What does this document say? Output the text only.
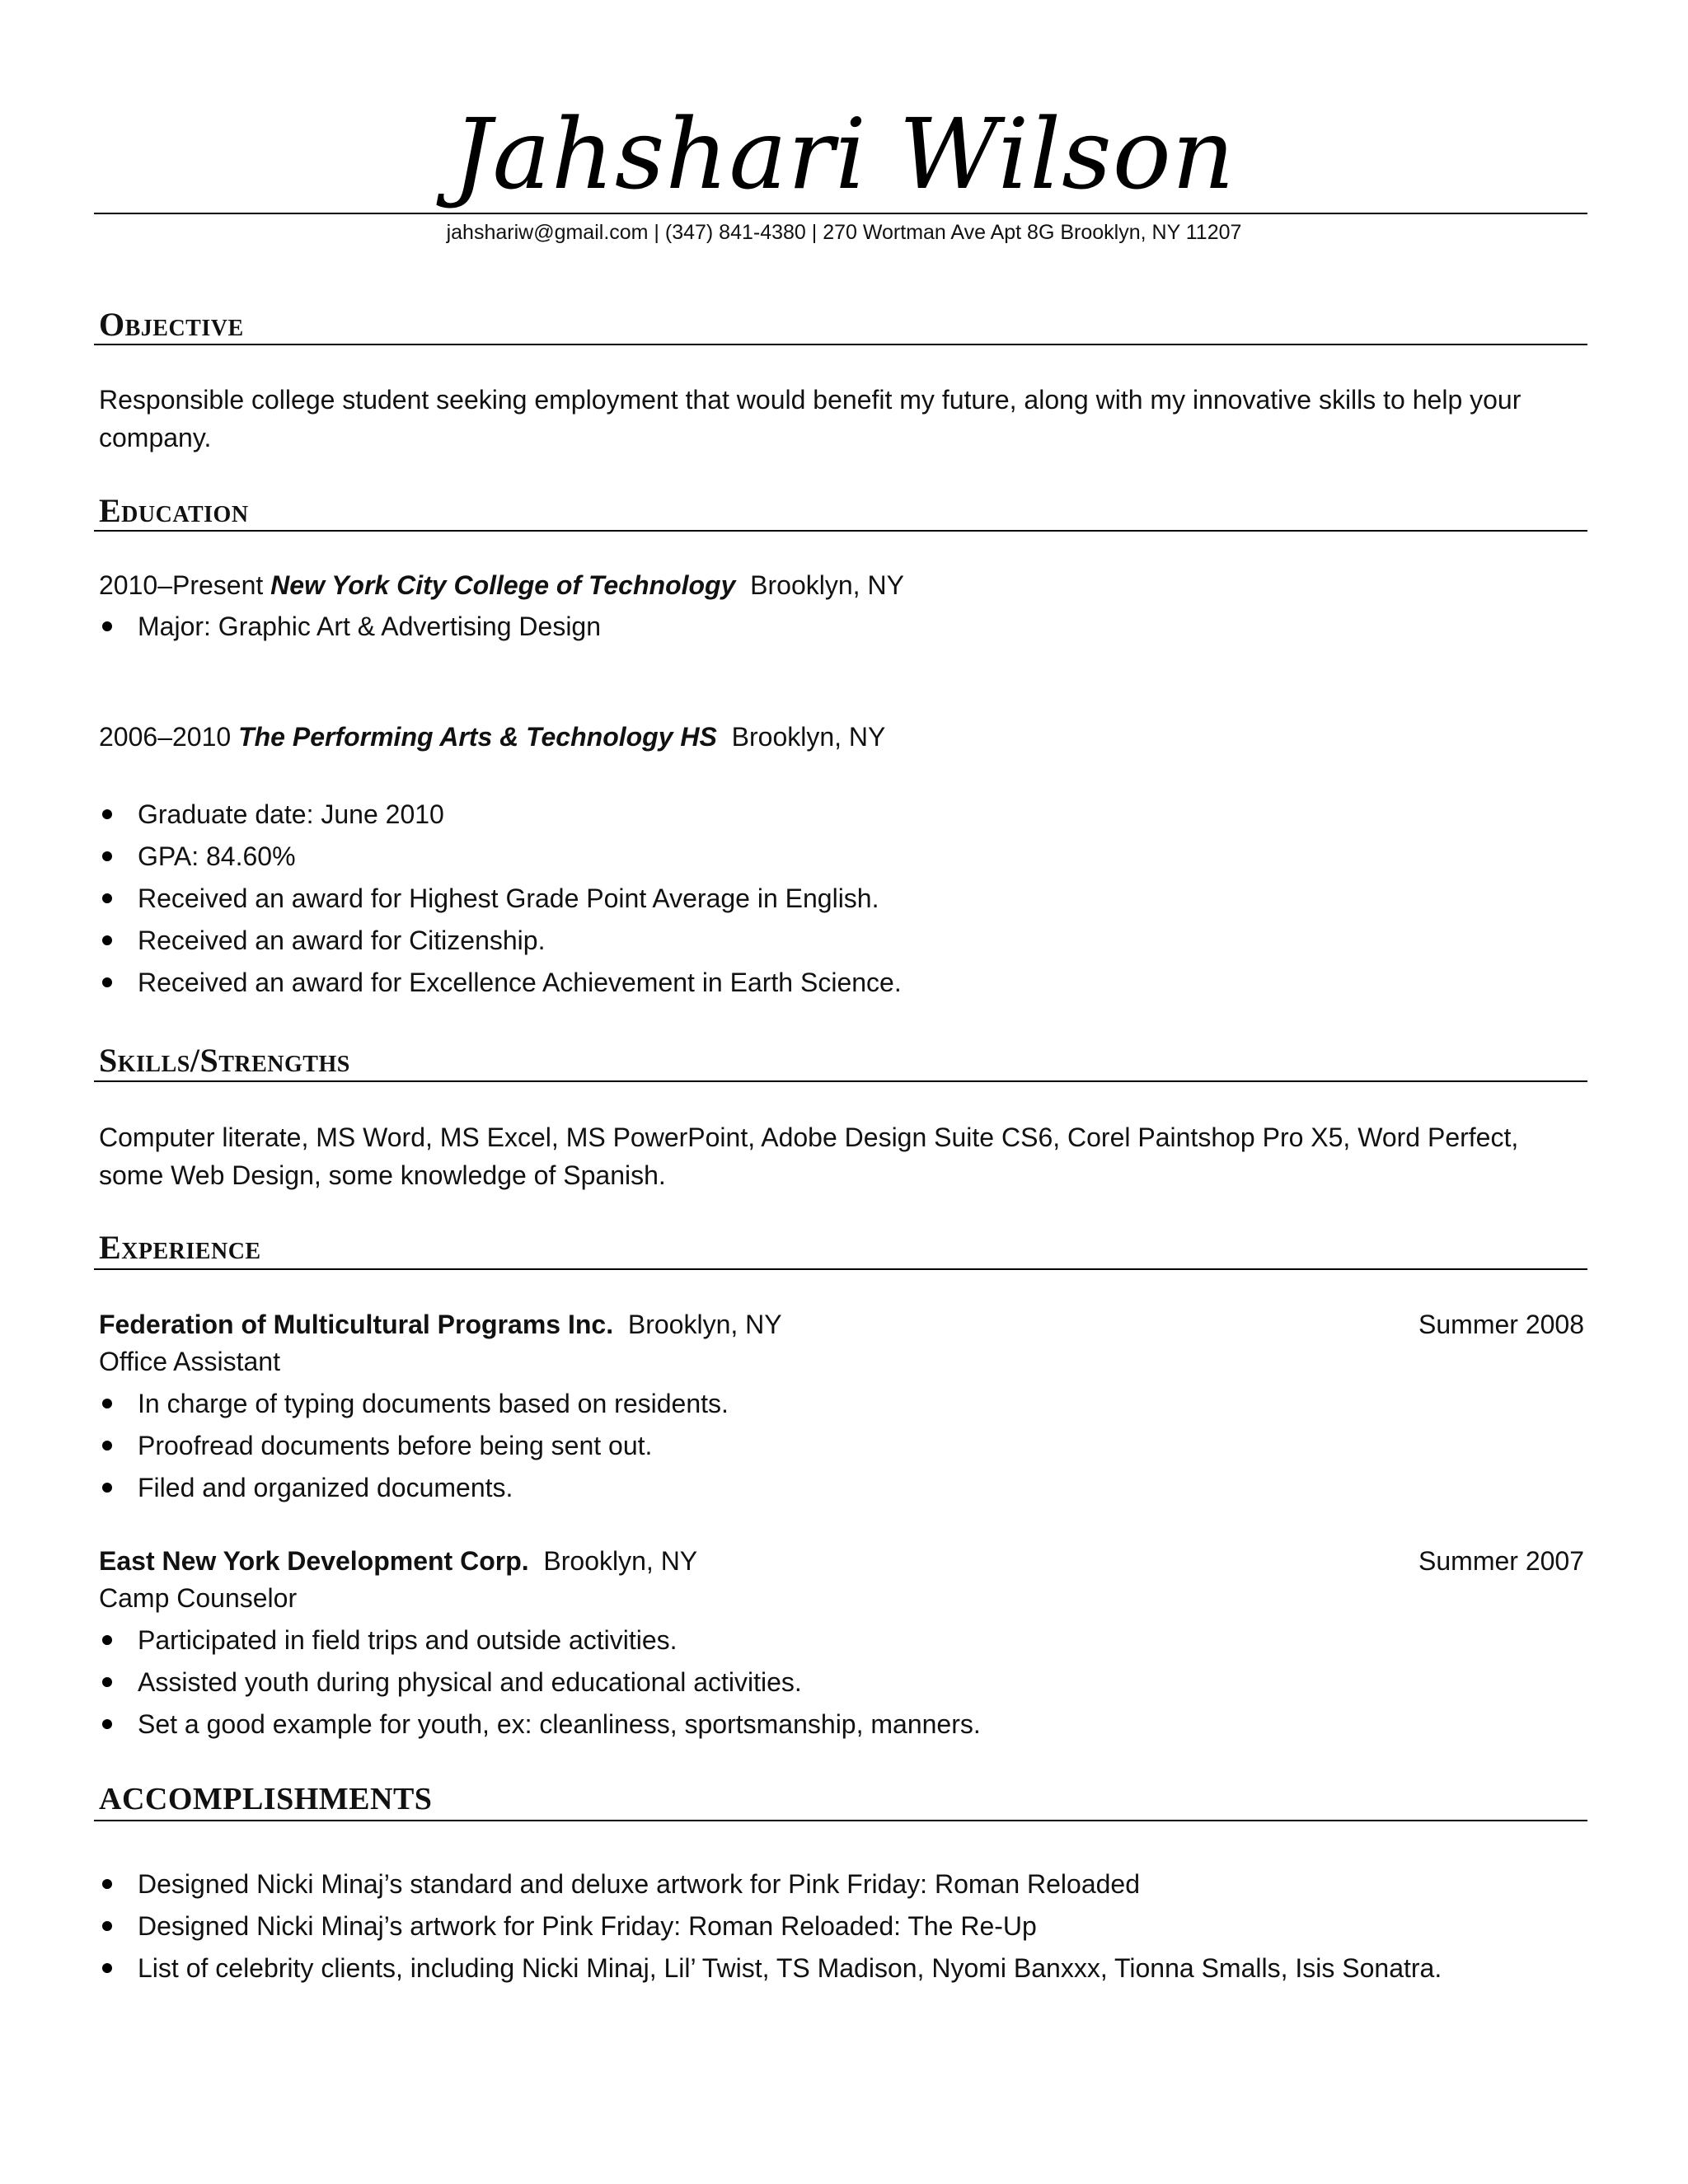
Jahshari Wilson
jahshariw@gmail.com | (347) 841-4380 | 270 Wortman Ave Apt 8G Brooklyn, NY 11207
Objective
Responsible college student seeking employment that would benefit my future, along with my innovative skills to help your company.
Education
2010–Present New York City College of Technology Brooklyn, NY
Major: Graphic Art & Advertising Design
2006–2010 The Performing Arts & Technology HS Brooklyn, NY
Graduate date: June 2010
GPA: 84.60%
Received an award for Highest Grade Point Average in English.
Received an award for Citizenship.
Received an award for Excellence Achievement in Earth Science.
Skills/Strengths
Computer literate, MS Word, MS Excel, MS PowerPoint, Adobe Design Suite CS6, Corel Paintshop Pro X5, Word Perfect, some Web Design, some knowledge of Spanish.
Experience
Federation of Multicultural Programs Inc. Brooklyn, NY	Summer 2008
Office Assistant
In charge of typing documents based on residents.
Proofread documents before being sent out.
Filed and organized documents.
East New York Development Corp. Brooklyn, NY	Summer 2007
Camp Counselor
Participated in field trips and outside activities.
Assisted youth during physical and educational activities.
Set a good example for youth, ex: cleanliness, sportsmanship, manners.
ACCOMPLISHMENTS
Designed Nicki Minaj’s standard and deluxe artwork for Pink Friday: Roman Reloaded
Designed Nicki Minaj’s artwork for Pink Friday: Roman Reloaded: The Re-Up
List of celebrity clients, including Nicki Minaj, Lil’ Twist, TS Madison, Nyomi Banxxx, Tionna Smalls, Isis Sonatra.
